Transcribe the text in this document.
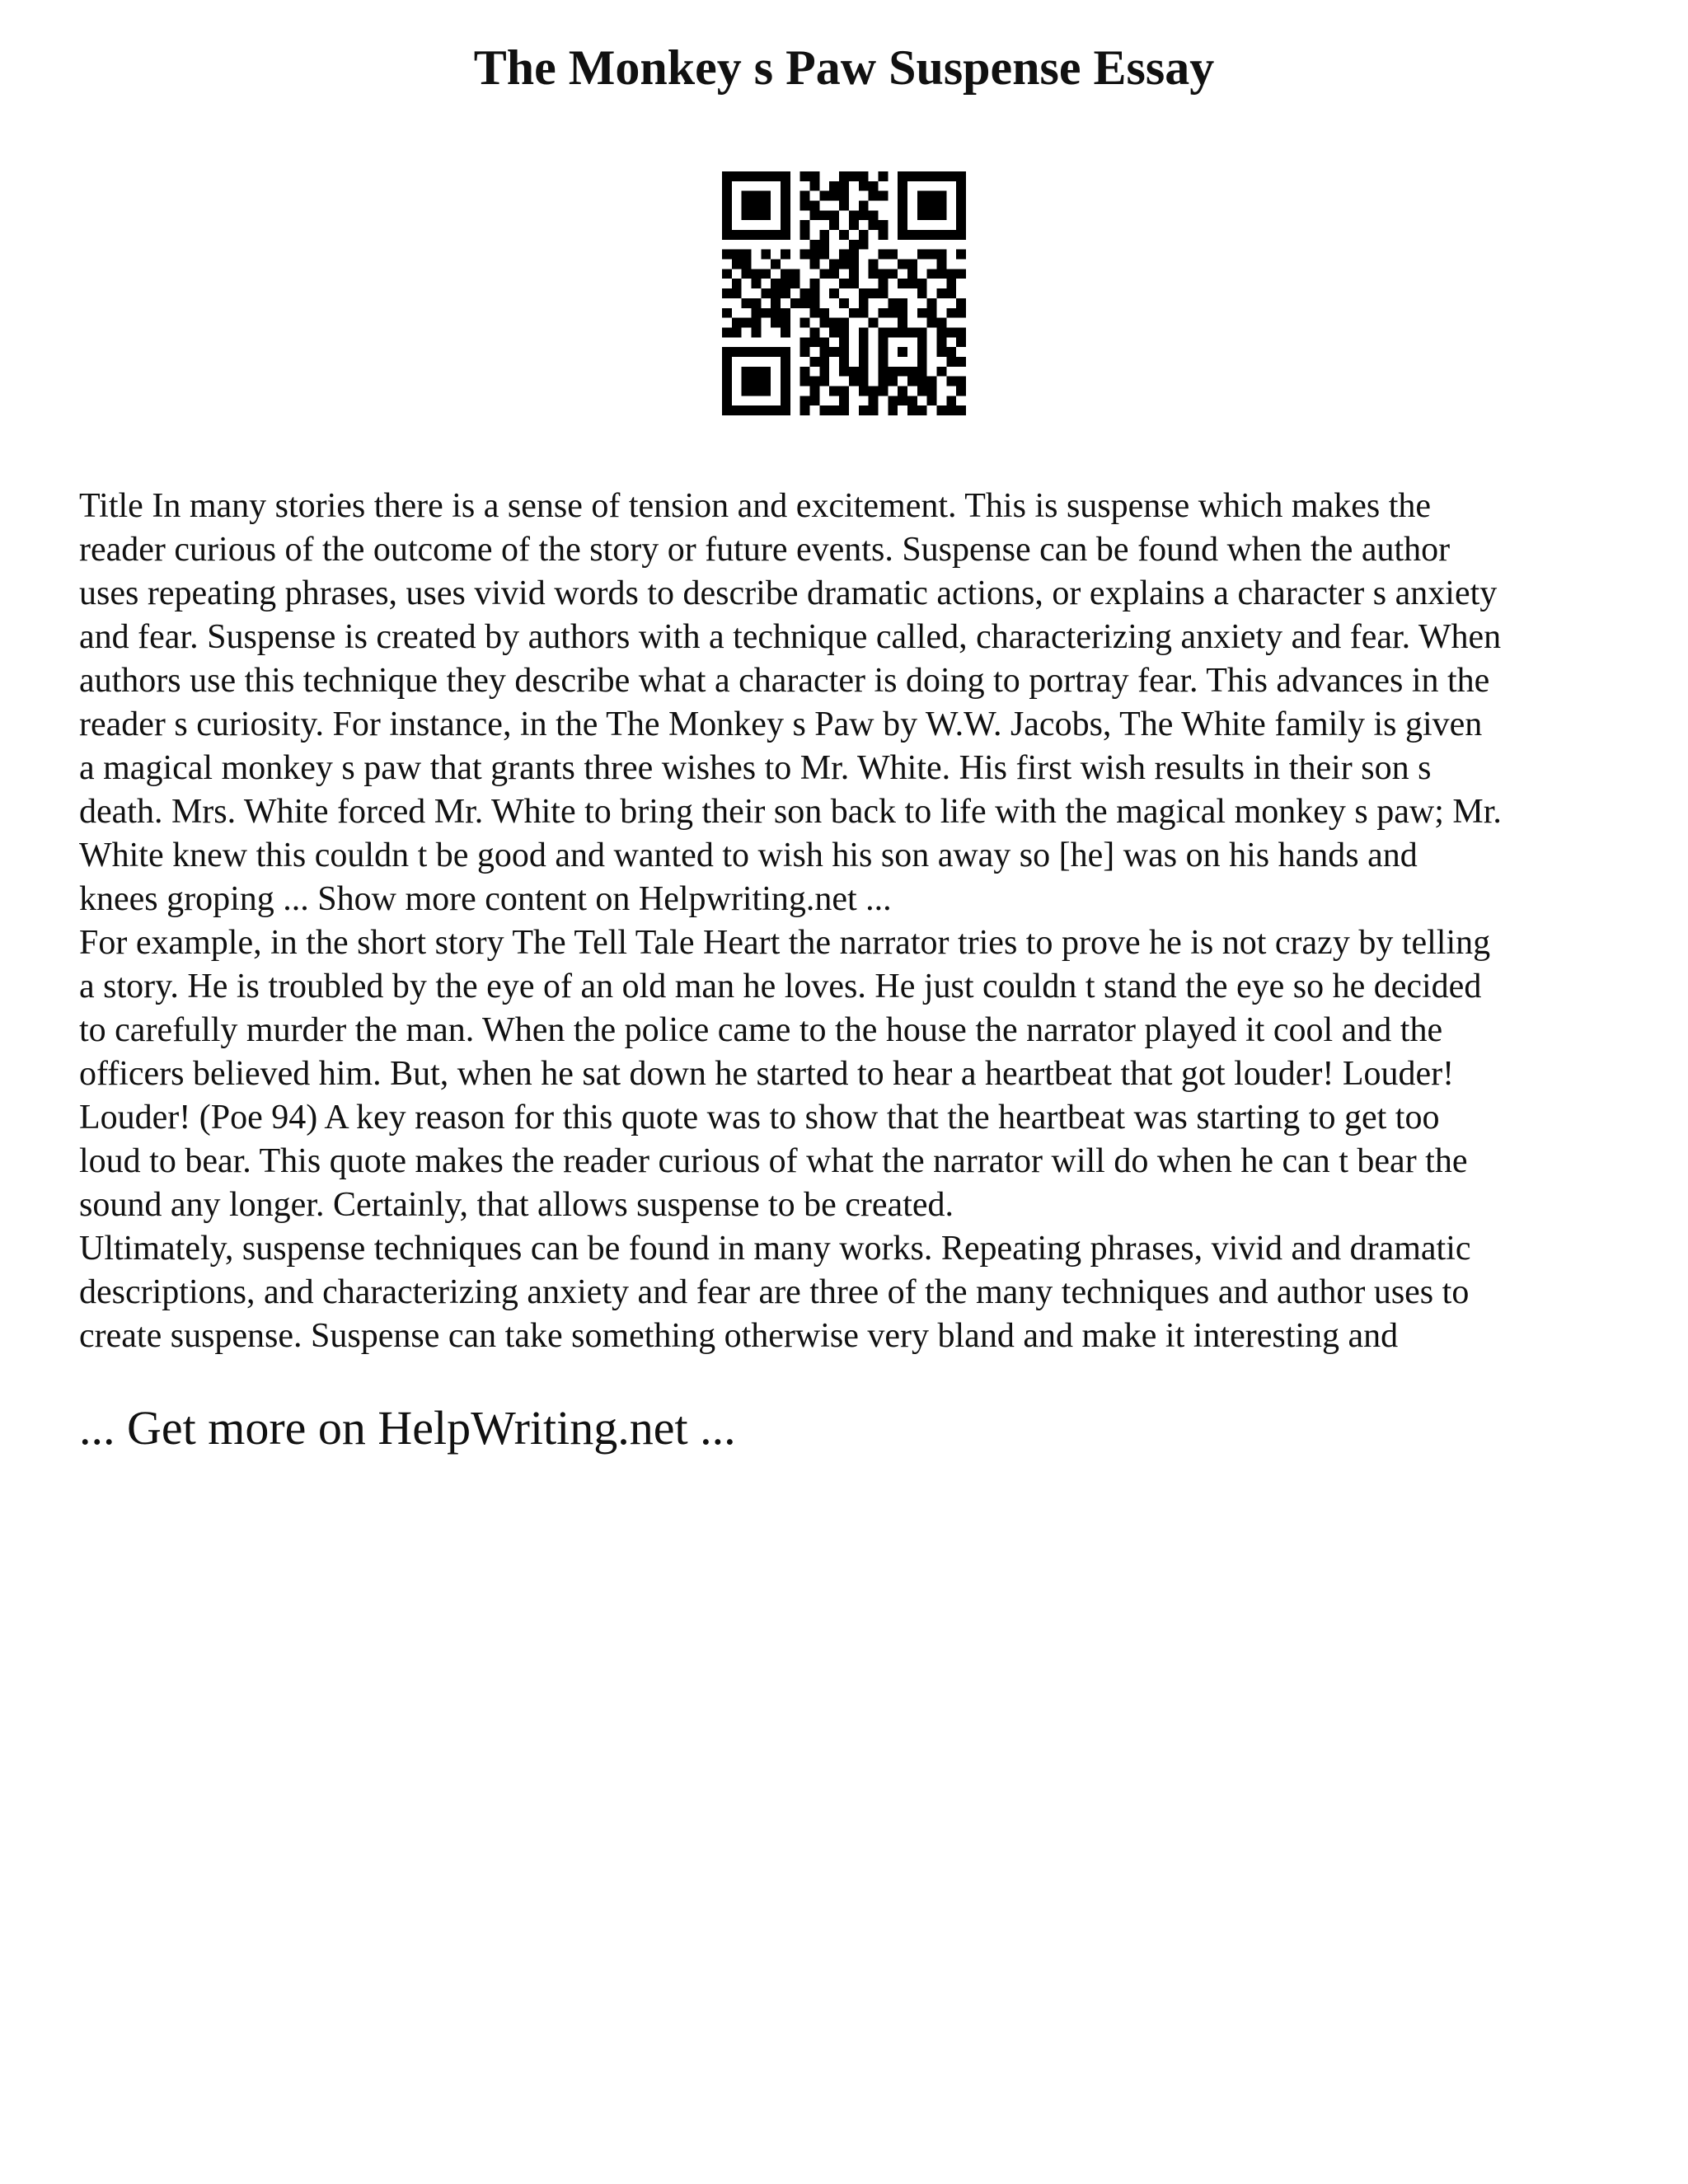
The Monkey s Paw Suspense Essay

Title In many stories there is a sense of tension and excitement. This is suspense which makes the
reader curious of the outcome of the story or future events. Suspense can be found when the author
uses repeating phrases, uses vivid words to describe dramatic actions, or explains a character s anxiety
and fear. Suspense is created by authors with a technique called, characterizing anxiety and fear. When
authors use this technique they describe what a character is doing to portray fear. This advances in the
reader s curiosity. For instance, in the The Monkey s Paw by W.W. Jacobs, The White family is given
a magical monkey s paw that grants three wishes to Mr. White. His first wish results in their son s
death. Mrs. White forced Mr. White to bring their son back to life with the magical monkey s paw; Mr.
White knew this couldn t be good and wanted to wish his son away so [he] was on his hands and
knees groping ... Show more content on Helpwriting.net ...
For example, in the short story The Tell Tale Heart the narrator tries to prove he is not crazy by telling
a story. He is troubled by the eye of an old man he loves. He just couldn t stand the eye so he decided
to carefully murder the man. When the police came to the house the narrator played it cool and the
officers believed him. But, when he sat down he started to hear a heartbeat that got louder! Louder!
Louder! (Poe 94) A key reason for this quote was to show that the heartbeat was starting to get too
loud to bear. This quote makes the reader curious of what the narrator will do when he can t bear the
sound any longer. Certainly, that allows suspense to be created.
Ultimately, suspense techniques can be found in many works. Repeating phrases, vivid and dramatic
descriptions, and characterizing anxiety and fear are three of the many techniques and author uses to
create suspense. Suspense can take something otherwise very bland and make it interesting and

... Get more on HelpWriting.net ...
